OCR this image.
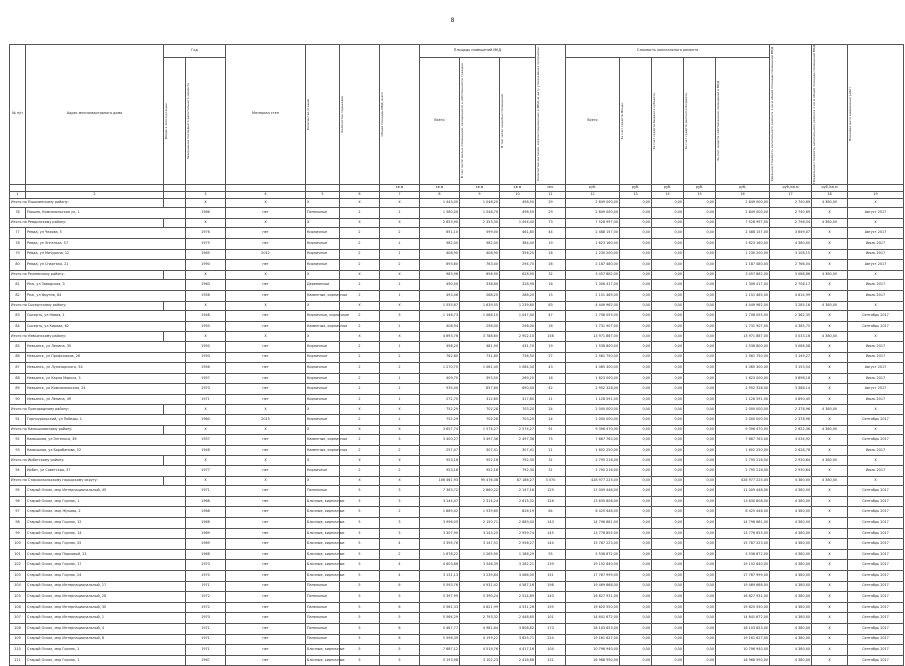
8
№ п/п	Адрес многоквартирного дома	Год		Материал стен	Количество этажей	Количество подъездов	Общая площадь МКД, всего	Площадь помещений МКД			Количество жителей, зарегистрированных в МКД на дату утверждения программы	Стоимость капитального ремонта					Удельная стоимость капитального ремонта 1 кв.м общей площади помещений МКД	Предельная стоимость капитального ремонта 1 кв.м общей площади помещений МКД	Плановая дата завершения работ

		Ввода в эксплуатацию	Завершения последнего капитального ремонта					Всего	В том числе жилых помещений, находящихся в собственности граждан	В том числе нежилых помещений		Всего	За счет средств Фонда	За счет средств бюджета субъекта	За счет средств местного бюджета	За счет средств собственников помещений в МКД			

							кв.м	кв.м	кв.м	кв.м	чел.	руб.	руб.	руб.	руб.	руб.	руб./кв.м	руб./кв.м	
1	2		3	4	5	6	7	8	9	10	11	12	13	14	15	16	17	18	19
Итого по Пышминскому району:			X	X	X	X	X	1 443,00	1 048,20	498,50	29	2 849 000,00	0,00	0,00	0,00	2 849 000,00	2 740,69	4 380,00	X
76	Пышма, Комсомольская ул, 1		1986	нет	Панельные	2	1	1 580,00	1 048,70	498,50	29	2 849 000,00	0,00	0,00	0,00	2 849 000,00	2 740,69	X	Август 2017
Итого по Ревдинскому району:			X	X	X	X	X	2 853,90	2 353,30	1 494,40	73	7 528 997,00	0,00	0,00	0,00	7 528 997,00	2 796,54	4 380,00	X
77	Ревда, ул Чехова, 5		1976	нет	Кирпичные	2	2	651,10	599,00	461,80	44	2 488 157,00	0,00	0,00	0,00	2 488 157,00	3 649,07	X	Август 2017
78	Ревда, ул Энгельса, 57		1975	нет	Кирпичные	2	1	582,00	582,00	384,40	19	1 623 160,00	0,00	0,00	0,00	1 623 160,00	4 380,00	X	Июль 2017
79	Ревда, ул Мичурина, 12		1985	2012	Кирпичные	2	1	408,90	408,90	356,20	16	1 230 200,00	0,00	0,00	0,00	1 230 200,00	3 108,15	X	Июль 2017
80	Ревда, ул Спартака, 21		1990	нет	Кирпичные	2	2	693,60	763,40	294,70	26	2 187 480,00	0,00	0,00	0,00	2 187 480,00	2 766,04	X	Август 2017
Итого по Режевскому району:			X	X	X	X	X	983,96	656,90	628,90	32	3 457 882,00	0,00	0,00	0,00	3 457 882,00	3 088,86	4 380,00	X
81	Реж, ул Заводская, 3		1960	нет	Деревянные	2	1	490,50	338,60	328,90	16	1 306 417,00	0,00	0,00	0,00	1 306 417,00	2 706,17	X	Июль 2017
82	Реж, ул Фрунзе, 84		1958	нет	Каменные, кирпичные	2	1	493,46	288,20	288,20	15	2 151 465,00	0,00	0,00	0,00	2 151 465,00	4 614,99	X	Июль 2017
Итого по Сысертскому району:			X	X	X	X	X	1 555,67	1 639,55	1 239,60	63	4 449 962,00	0,00	0,00	0,00	4 449 962,00	3 285,16	4 380,00	X
83	Сысерть, ул Новая, 1		1948	нет	Кирпичные, кирпичные	2	3	1 146,73	1 088,10	1 047,40	47	2 708 055,00	0,00	0,00	0,00	2 708 055,00	2 362,35	X	Сентябрь 2017
84	Сысерть, ул Кирова, 62		1950	нет	Каменные, кирпичные	2	1	408,94	298,00	298,00	16	1 731 907,00	0,00	0,00	0,00	1 731 907,00	4 385,75	X	Сентябрь 2017
Итого по Невьянскому району:			X	X	X	X	X	4 693,76	3 788,60	2 902,10	158	13 971 867,00	0,00	0,00	0,00	13 971 867,00	3 033,16	4 380,00	X
85	Невьянск, ул Ленина, 35		1950	нет	Кирпичные	2	1	498,20	481,90	431,70	19	1 538 800,00	0,00	0,00	0,00	1 538 800,00	3 088,58	X	Июль 2017
86	Невьянск, ул Профсоюзов, 26		1950	нет	Кирпичные	2	2	762,80	731,80	736,50	27	2 561 750,00	0,00	0,00	0,00	2 561 750,00	3 149,27	X	Июль 2017
87	Невьянск, ул Луначарского, 54		1956	нет	Кирпичные	2	2	1 270,70	1 061,40	1 084,30	43	4 065 300,00	0,00	0,00	0,00	4 065 300,00	3 153,54	X	Август 2017
88	Невьянск, ул Карла Маркса, 5		1957	нет	Кирпичные	2	1	409,70	393,50	269,20	16	1 623 000,00	0,00	0,00	0,00	1 623 000,00	3 898,18	X	Июль 2017
89	Невьянск, ул Комсомольская, 24		1970	нет	Кирпичные	2	1	935,40	857,60	690,40	42	2 952 328,00	0,00	0,00	0,00	2 952 328,00	3 388,14	X	Август 2017
90	Невьянск, ул Ленина, 49		1971	нет	Кирпичные	2	1	272,70	312,60	317,80	11	1 128 591,00	0,00	0,00	0,00	1 128 591,00	3 890,45	X	Июль 2017
Итого по Пригородному району:			X	X	X	X	X	752,29	702,28	703,20	24	2 000 000,00	0,00	0,00	0,00	2 000 000,00	2 378,96	4 380,00	X
91	Горноуральский, ул Победы, 1		1960	2015	Кирпичные	2	1	752,29	702,28	703,20	24	2 000 000,00	0,00	0,00	0,00	2 000 000,00	2 378,96	X	Сентябрь 2017
Итого по Камышловскому району:			X	X	X	X	X	3 657,74	1 574,27	2 574,27	91	9 396 470,00	0,00	0,00	0,00	9 396 470,00	2 622,36	4 380,00	X
92	Камышлов, ул Энгельса, 36		1957	нет	Каменные, кирпичные	2	3	3 400,27	3 497,36	2 497,36	75	7 667 763,00	0,00	0,00	0,00	7 667 763,00	3 534,92	X	Сентябрь 2017
93	Камышлов, ул Барабанова, 52		1948	нет	Каменные, кирпичные	2	2	257,47	307,41	307,41	21	1 602 250,00	0,00	0,00	0,00	1 602 250,00	2 628,78	X	Июль 2017
Итого по Ирбитскому району:			X	X	X	X	X	953,16	952,16	792,30	31	2 795 216,00	0,00	0,00	0,00	2 795 216,00	2 930,64	4 380,00	X
94	Ирбит, ул Советская, 37		1977	нет	Кирпичные	2	2	953,16	952,16	792,30	31	2 795 216,00	0,00	0,00	0,00	2 795 216,00	2 930,64	X	Июль 2017
Итого по Старооскольскому городскому округу:			X	X	X	X	X	106 461,93	95 476,38	87 186,27	3 070	428 977 225,00	0,00	0,00	0,00	428 977 225,00	4 380,00	4 380,00	X
95	Старый Оскол, мкр Интернациональный, 45		1971	нет	Панельные	5	3	7 363,72	2 860,22	2 147,16	129	11 009 448,00	0,00	0,00	0,00	11 009 448,00	4 380,00	X	Сентябрь 2017
96	Старый Оскол, мкр Горняк, 1		1968	нет	Блочные, кирпичные	5	3	3 144,47	2 314,24	2 615,32	126	13 630 808,00	0,00	0,00	0,00	13 630 808,00	4 380,00	X	Сентябрь 2017
97	Старый Оскол, мкр Жукова, 2		1968	нет	Блочные, кирпичные	5	2	1 889,42	1 539,60	826,19	64	8 425 448,00	0,00	0,00	0,00	8 425 448,00	4 380,00	X	Сентябрь 2017
98	Старый Оскол, мкр Горняк, 12		1968	нет	Блочные, кирпичные	5	3	3 996,05	2 150,71	2 889,40	143	14 796 681,00	0,00	0,00	0,00	14 796 681,00	4 380,00	X	Сентябрь 2017
99	Старый Оскол, мкр Горняк, 14		1969	нет	Блочные, кирпичные	5	3	3 307,90	3 143,25	2 959,74	145	13 776 855,00	0,00	0,00	0,00	13 776 855,00	4 380,00	X	Сентябрь 2017
100	Старый Оскол, мкр Горняк, 25		1969	нет	Блочные, кирпичные	5	4	3 395,76	3 147,51	2 956,27	144	15 787 223,00	0,00	0,00	0,00	15 787 223,00	4 380,00	X	Сентябрь 2017
101	Старый Оскол, мкр Парковый, 21		1968	нет	Блочные, кирпичные	5	2	1 678,22	1 265,90	1 186,29	55	5 536 872,00	0,00	0,00	0,00	5 536 872,00	4 380,00	X	Сентябрь 2017
102	Старый Оскол, мкр Горняк, 17		1970	нет	Блочные, кирпичные	5	4	4 603,86	3 546,39	3 282,21	139	19 152 640,00	0,00	0,00	0,00	19 152 640,00	4 380,00	X	Сентябрь 2017
103	Старый Оскол, мкр Горняк, 24		1970	нет	Блочные, кирпичные	5	4	3 131,13	3 239,84	3 086,00	151	17 767 999,00	0,00	0,00	0,00	17 767 999,00	4 380,00	X	Сентябрь 2017
104	Старый Оскол, мкр Интернациональный, 17		1971	нет	Панельные	5	6	5 593,76	4 931,42	4 587,16	198	19 469 668,00	0,00	0,00	0,00	19 469 668,00	4 380,00	X	Сентябрь 2017
105	Старый Оскол, мкр Интернациональный, 28		1972	нет	Панельные	5	5	5 397,99	5 390,24	2 514,89	140	16 827 931,00	0,00	0,00	0,00	16 827 931,00	4 380,00	X	Сентябрь 2017
106	Старый Оскол, мкр Интернациональный, 30		1972	нет	Панельные	5	6	5 561,33	4 621,99	4 531,26	195	19 620 550,00	0,00	0,00	0,00	19 620 550,00	4 380,00	X	Сентябрь 2017
107	Старый Оскол, мкр Интернациональный, 1		1970	нет	Панельные	5	5	5 564,29	2 793,32	2 448,65	101	14 641 672,00	0,00	0,00	0,00	14 641 672,00	4 380,00	X	Сентябрь 2017
108	Старый Оскол, мкр Интернациональный, 4		1971	нет	Панельные	5	6	5 467,77	4 981,84	3 808,82	173	18 103 653,00	0,00	0,00	0,00	18 103 653,00	4 380,00	X	Сентябрь 2017
109	Старый Оскол, мкр Интернациональный, 8		1971	нет	Панельные	5	6	5 598,39	4 159,22	3 625,71	224	19 161 627,00	0,00	0,00	0,00	19 161 627,00	4 380,00	X	Сентябрь 2017
110	Старый Оскол, мкр Горняк, 1		1971	нет	Блочные, кирпичные	5	5	7 887,12	4 519,76	4 417,16	104	10 796 940,00	0,00	0,00	0,00	10 796 940,00	4 380,00	X	Сентябрь 2017
111	Старый Оскол, мкр Горняк, 1		1967	нет	Блочные, кирпичные	5	5	5 193,98	3 102,23	2 416,88	131	16 968 590,00	0,00	0,00	0,00	16 968 590,00	4 380,00	X	Сентябрь 2017
